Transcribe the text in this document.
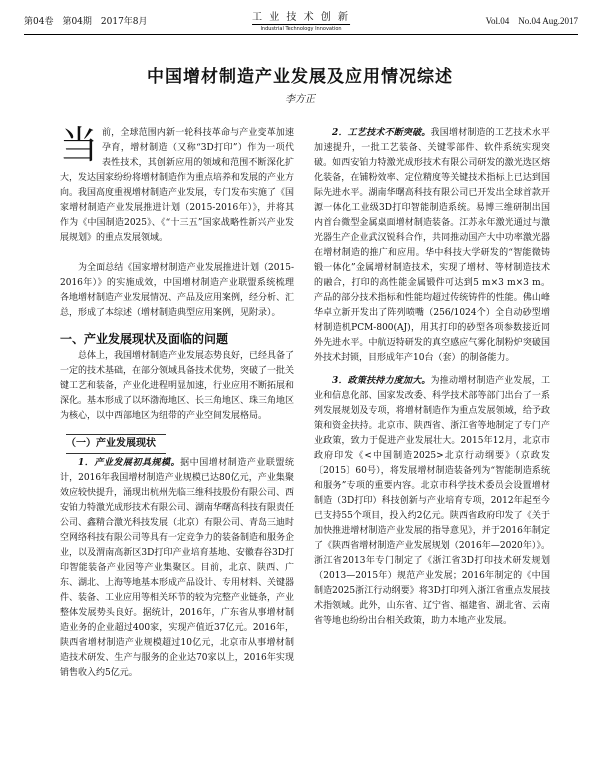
第04卷　第04期　2017年8月	工 业 技 术 创 新
Industrial Technology Innovation
Vol.04　No.04 Aug.2017
中国增材制造产业发展及应用情况综述
李方正

当前，全球范围内新一轮科技革命与产业变革加速孕育，增材制造（又称“3D打印”）作为一项代表性技术，其创新应用的领域和范围不断深化扩大，发达国家纷纷将增材制造作为重点培养和发展的产业方向。我国高度重视增材制造产业发展，专门发布实施了《国家增材制造产业发展推进计划（2015-2016年）》，并将其作为《中国制造2025》、《“十三五”国家战略性新兴产业发展规划》的重点发展领域。

为全面总结《国家增材制造产业发展推进计划（2015-2016年）》的实施成效，中国增材制造产业联盟系统梳理各地增材制造产业发展情况、产品及应用案例，经分析、汇总，形成了本综述（增材制造典型应用案例，见附录）。

一、产业发展现状及面临的问题

总体上，我国增材制造产业发展态势良好，已经具备了一定的技术基础，在部分领域具备技术优势，突破了一批关键工艺和装备，产业化进程明显加速，行业应用不断拓展和深化。基本形成了以环渤海地区、长三角地区、珠三角地区为核心，以中西部地区为纽带的产业空间发展格局。

（一）产业发展现状

1．产业发展初具规模。据中国增材制造产业联盟统计，2016年我国增材制造产业规模已达80亿元，产业集聚效应较快提升，涌现出杭州先临三维科技股份有限公司、西安铂力特激光成形技术有限公司、湖南华曙高科技有限责任公司、鑫精合激光科技发展（北京）有限公司、青岛三迪时空网络科技有限公司等具有一定竞争力的装备制造和服务企业，以及渭南高新区3D打印产业培育基地、安徽春谷3D打印智能装备产业园等产业集聚区。目前，北京、陕西、广东、湖北、上海等地基本形成产品设计、专用材料、关键器件、装备、工业应用等相关环节的较为完整产业链条，产业整体发展势头良好。据统计，2016年，广东省从事增材制造业务的企业超过400家，实现产值近37亿元。2016年，陕西省增材制造产业规模超过10亿元，北京市从事增材制造技术研发、生产与服务的企业达70家以上，2016年实现销售收入约5亿元。

2．工艺技术不断突破。我国增材制造的工艺技术水平加速提升，一批工艺装备、关键零部件、软件系统实现突破。如西安铂力特激光成形技术有限公司研发的激光选区熔化装备，在铺粉效率、定位精度等关键技术指标上已达到国际先进水平。湖南华曙高科技有限公司已开发出全球首款开源一体化工业级3D打印智能制造系统。易博三维研制出国内首台微型金属桌面增材制造装备。江苏永年激光通过与激光器生产企业武汉锐科合作，共同推动国产大中功率激光器在增材制造的推广和应用。华中科技大学研发的“智能微铸锻一体化”金属增材制造技术，实现了增材、等材制造技术的融合，打印的高性能金属锻件可达到5 m×3 m×3 m。产品的部分技术指标和性能均超过传统铸件的性能。佛山峰华卓立新开发出了阵列喷嘴（256/1024个）全自动砂型增材制造机PCM-800(AJ)，用其打印的砂型各项参数接近同外先进水平。中航迈特研发的真空感应气雾化制粉炉突破国外技术封锁，目形成年产10台（套）的制备能力。

3．政策扶持力度加大。为推动增材制造产业发展，工业和信息化部、国家发改委、科学技术部等部门出台了一系列发展规划及专项，将增材制造作为重点发展领域，给予政策和资金扶持。北京市、陕西省、浙江省等地制定了专门产业政策，致力于促进产业发展壮大。2015年12月，北京市政府印发《<中国制造2025>北京行动纲要》（京政发〔2015〕60号），将发展增材制造装备列为“智能制造系统和服务”专项的重要内容。北京市科学技术委员会设置增材制造（3D打印）科技创新与产业培育专项，2012年起至今已支持55个项目，投入约2亿元。陕西省政府印发了《关于加快推进增材制造产业发展的指导意见》，并于2016年制定了《陕西省增材制造产业发展规划（2016年—2020年）》。浙江省2013年专门制定了《浙江省3D打印技术研发规划（2013—2015年）规范产业发展；2016年制定的《中国制造2025浙江行动纲要》将3D打印列入浙江省重点发展技术指领域。此外，山东省、辽宁省、福建省、湖北省、云南省等地也纷纷出台相关政策，助力本地产业发展。
